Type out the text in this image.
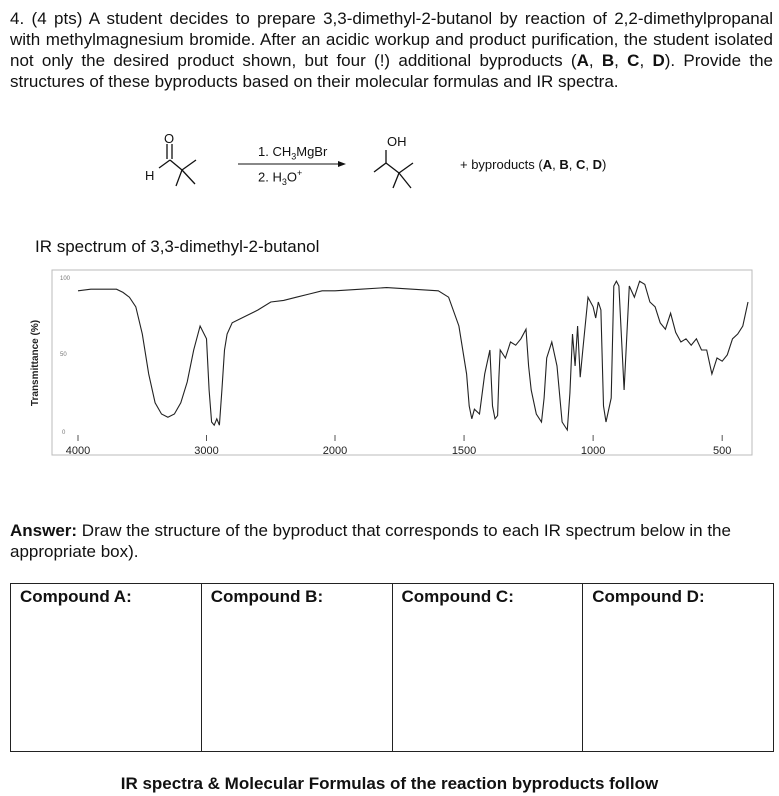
4. (4 pts) A student decides to prepare 3,3-dimethyl-2-butanol by reaction of 2,2-dimethylpropanal with methylmagnesium bromide. After an acidic workup and product purification, the student isolated not only the desired product shown, but four (!) additional byproducts (A, B, C, D). Provide the structures of these byproducts based on their molecular formulas and IR spectra.

O
H
1. $CH_3MgBr$
2. $H_3O^+$
OH
+ byproducts (A, B, C, D)

IR spectrum of 3,3-dimethyl-2-butanol

Transmittance (%)
100
50
0
4000	3000	2000	1500	1000	500

Answer: Draw the structure of the byproduct that corresponds to each IR spectrum below in the appropriate box).

Compound A:	Compound B:	Compound C:	Compound D:

IR spectra & Molecular Formulas of the reaction byproducts follow
